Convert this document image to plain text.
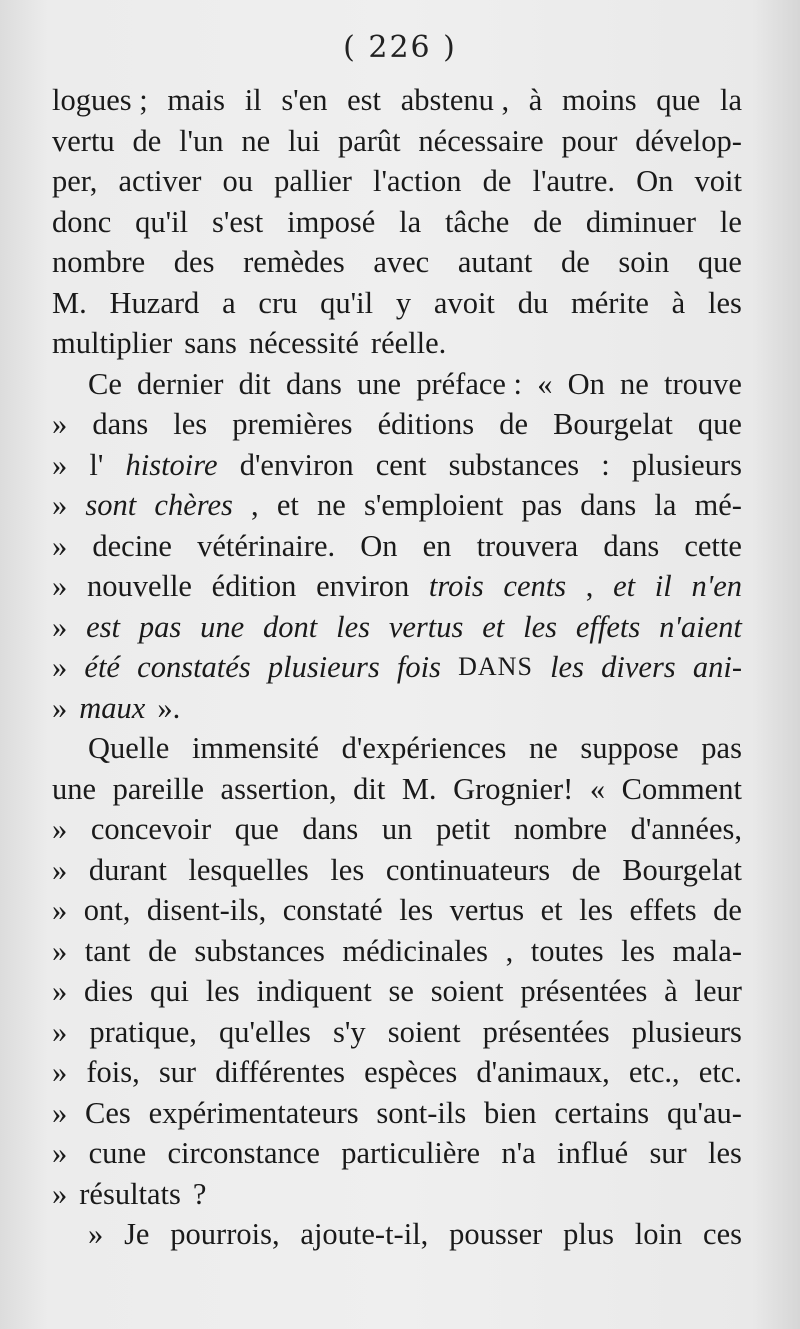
( 226 )
logues ; mais il s'en est abstenu , à moins que la
vertu de l'un ne lui parût nécessaire pour dévelop-
per, activer ou pallier l'action de l'autre. On voit
donc qu'il s'est imposé la tâche de diminuer le
nombre des remèdes avec autant de soin que
M. Huzard a cru qu'il y avoit du mérite à les
multiplier sans nécessité réelle.
Ce dernier dit dans une préface : « On ne trouve
» dans les premières éditions de Bourgelat que
» l' histoire d'environ cent substances : plusieurs
» sont chères , et ne s'emploient pas dans la mé-
» decine vétérinaire. On en trouvera dans cette
» nouvelle édition environ trois cents , et il n'en
» est pas une dont les vertus et les effets n'aient
» été constatés plusieurs fois DANS les divers ani-
» maux ».
Quelle immensité d'expériences ne suppose pas
une pareille assertion, dit M. Grognier! « Comment
» concevoir que dans un petit nombre d'années,
» durant lesquelles les continuateurs de Bourgelat
» ont, disent-ils, constaté les vertus et les effets de
» tant de substances médicinales , toutes les mala-
» dies qui les indiquent se soient présentées à leur
» pratique, qu'elles s'y soient présentées plusieurs
» fois, sur différentes espèces d'animaux, etc., etc.
» Ces expérimentateurs sont-ils bien certains qu'au-
» cune circonstance particulière n'a influé sur les
» résultats ?
» Je pourrois, ajoute-t-il, pousser plus loin ces
